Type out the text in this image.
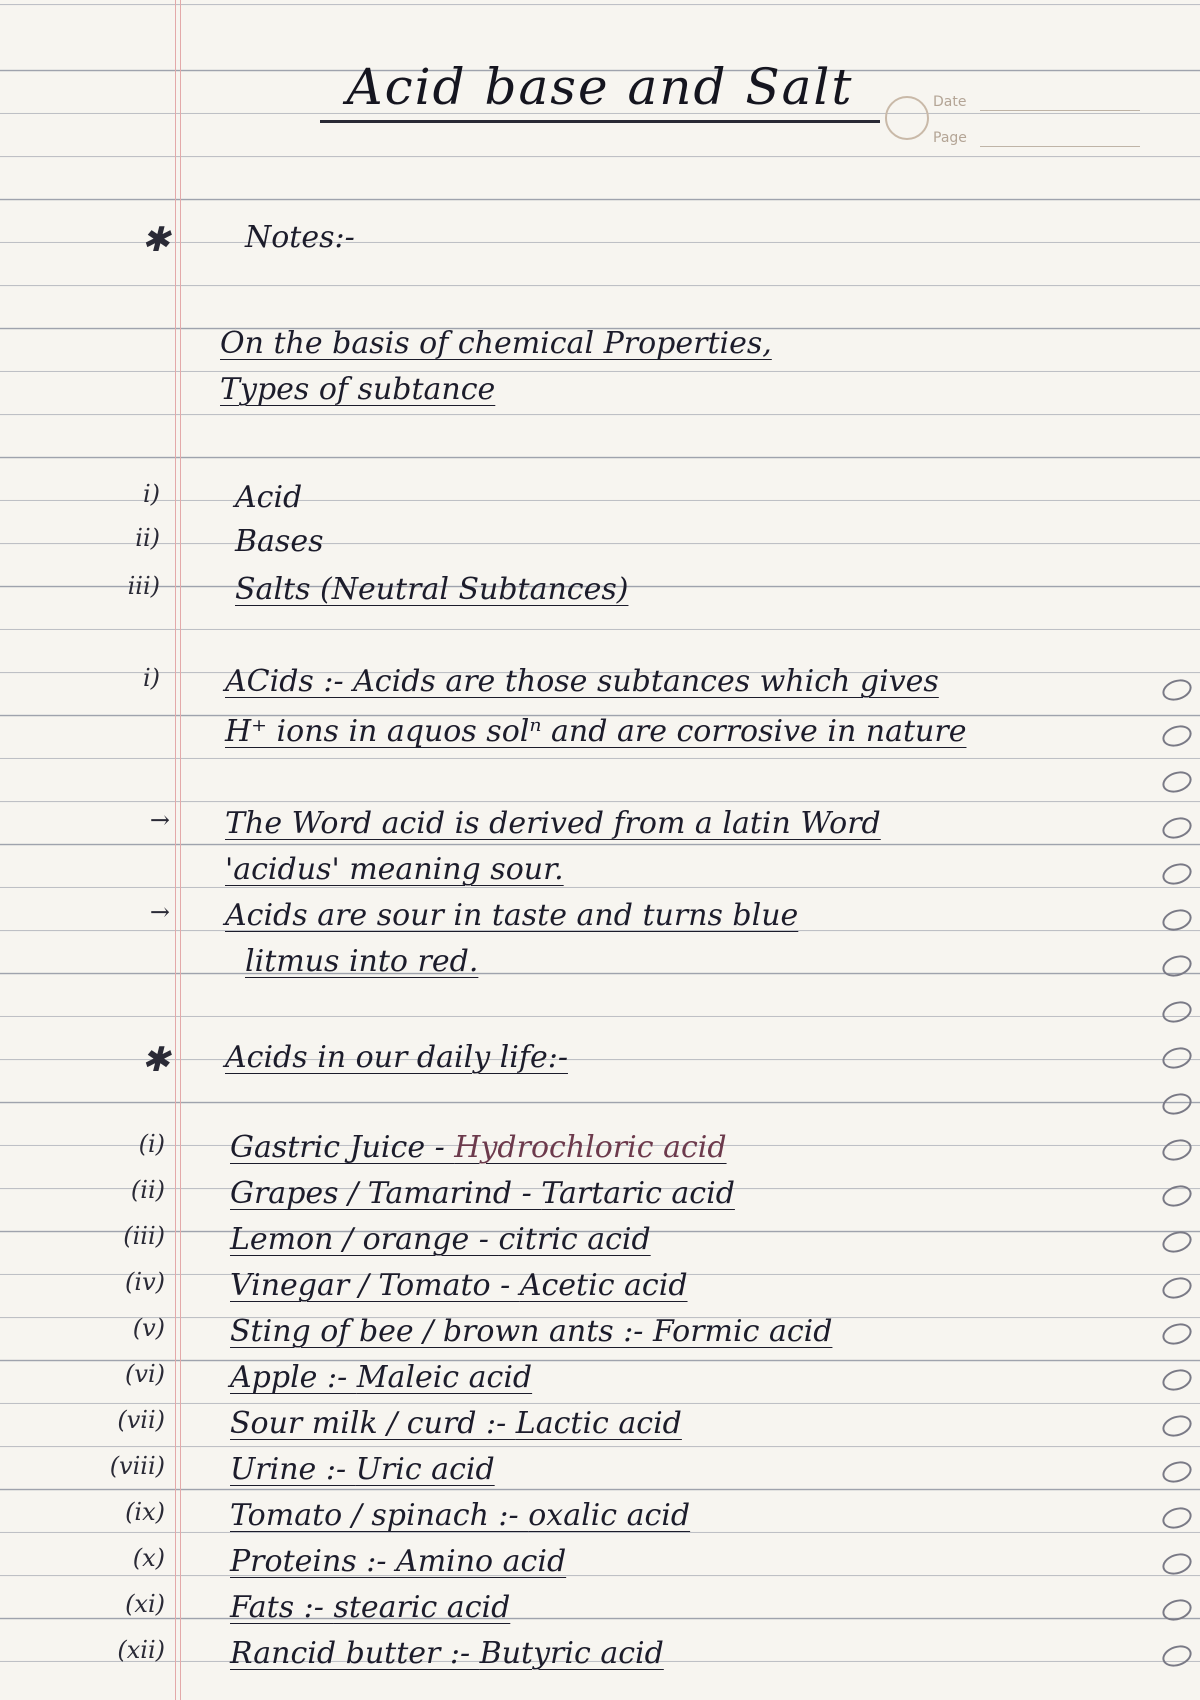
Acid base and Salt	Date
Page
✱	Notes:-
On the basis of chemical Properties,
Types of subtance
i)	Acid
ii)	Bases
iii)	Salts (Neutral Subtances)
i) ACids :- Acids are those subtances which gives
H⁺ ions in aquos solⁿ and are corrosive in nature
→ The Word acid is derived from a latin Word
'acidus' meaning sour.
→ Acids are sour in taste and turns blue
litmus into red.
✱ Acids in our daily life:-
(i) Gastric Juice - Hydrochloric acid
(ii) Grapes / Tamarind - Tartaric acid
(iii) Lemon / orange - citric acid
(iv) Vinegar / Tomato - Acetic acid
(v) Sting of bee / brown ants :- Formic acid
(vi) Apple :- Maleic acid
(vii) Sour milk / curd :- Lactic acid
(viii) Urine :- Uric acid
(ix) Tomato / spinach :- oxalic acid
(x) Proteins :- Amino acid
(xi) Fats :- stearic acid
(xii) Rancid butter :- Butyric acid
